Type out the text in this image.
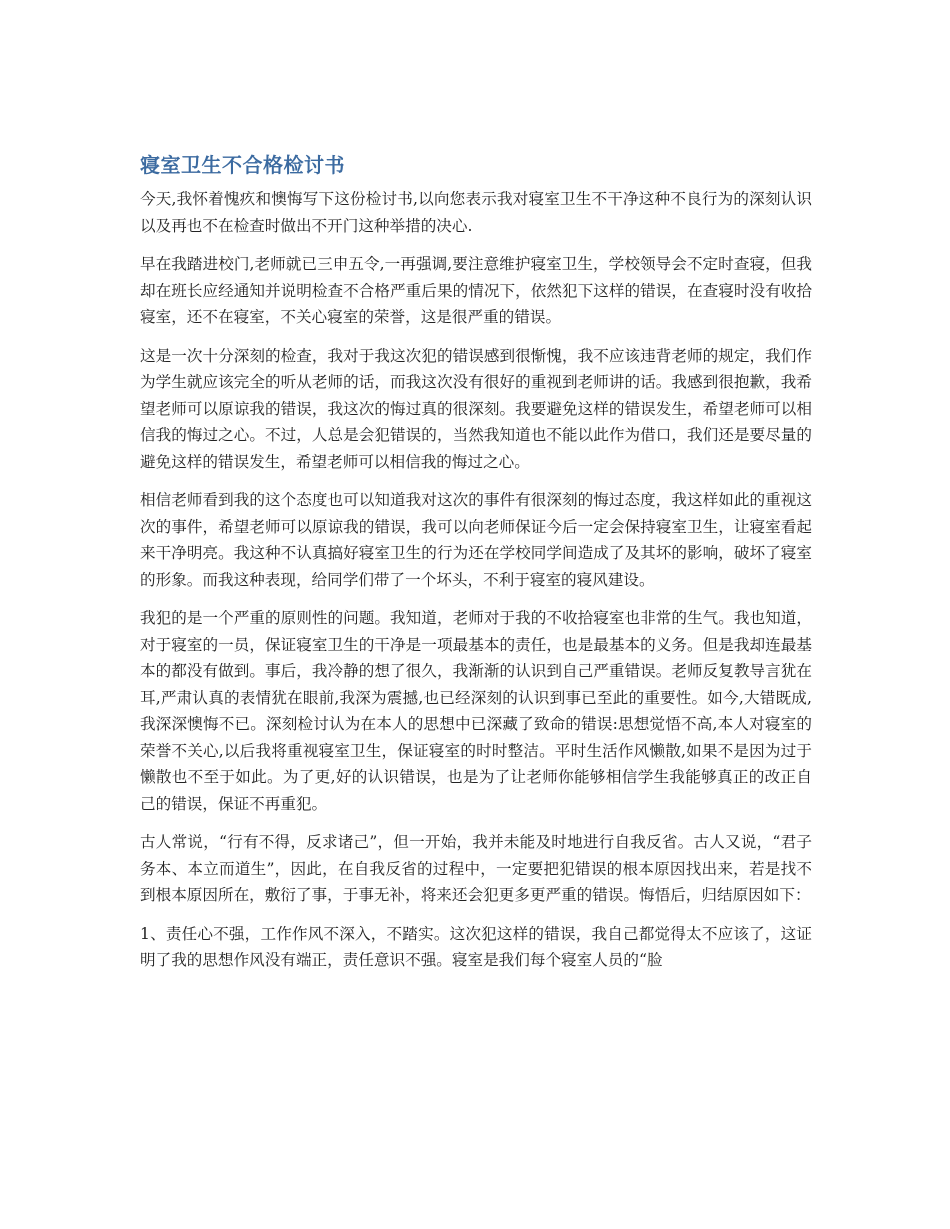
寝室卫生不合格检讨书

今天,我怀着愧疚和懊悔写下这份检讨书,以向您表示我对寝室卫生不干净这种不良行为的深刻认识以及再也不在检查时做出不开门这种举措的决心.

早在我踏进校门,老师就已三申五令,一再强调,要注意维护寝室卫生，学校领导会不定时查寝，但我却在班长应经通知并说明检查不合格严重后果的情况下，依然犯下这样的错误，在查寝时没有收拾寝室，还不在寝室，不关心寝室的荣誉，这是很严重的错误。

这是一次十分深刻的检查，我对于我这次犯的错误感到很惭愧，我不应该违背老师的规定，我们作为学生就应该完全的听从老师的话，而我这次没有很好的重视到老师讲的话。我感到很抱歉，我希望老师可以原谅我的错误，我这次的悔过真的很深刻。我要避免这样的错误发生，希望老师可以相信我的悔过之心。不过，人总是会犯错误的，当然我知道也不能以此作为借口，我们还是要尽量的避免这样的错误发生，希望老师可以相信我的悔过之心。

相信老师看到我的这个态度也可以知道我对这次的事件有很深刻的悔过态度，我这样如此的重视这次的事件，希望老师可以原谅我的错误，我可以向老师保证今后一定会保持寝室卫生，让寝室看起来干净明亮。我这种不认真搞好寝室卫生的行为还在学校同学间造成了及其坏的影响，破坏了寝室的形象。而我这种表现，给同学们带了一个坏头，不利于寝室的寝风建设。

我犯的是一个严重的原则性的问题。我知道，老师对于我的不收拾寝室也非常的生气。我也知道，对于寝室的一员，保证寝室卫生的干净是一项最基本的责任，也是最基本的义务。但是我却连最基本的都没有做到。事后，我冷静的想了很久，我渐渐的认识到自己严重错误。老师反复教导言犹在耳,严肃认真的表情犹在眼前,我深为震撼,也已经深刻的认识到事已至此的重要性。如今,大错既成,我深深懊悔不已。深刻检讨认为在本人的思想中已深藏了致命的错误:思想觉悟不高,本人对寝室的荣誉不关心,以后我将重视寝室卫生，保证寝室的时时整洁。平时生活作风懒散,如果不是因为过于懒散也不至于如此。为了更,好的认识错误，也是为了让老师你能够相信学生我能够真正的改正自己的错误，保证不再重犯。

古人常说，“行有不得，反求诸己”，但一开始，我并未能及时地进行自我反省。古人又说，“君子务本、本立而道生”，因此，在自我反省的过程中，一定要把犯错误的根本原因找出来，若是找不到根本原因所在，敷衍了事，于事无补，将来还会犯更多更严重的错误。悔悟后，归结原因如下：

1、责任心不强，工作作风不深入，不踏实。这次犯这样的错误，我自己都觉得太不应该了，这证明了我的思想作风没有端正，责任意识不强。寝室是我们每个寝室人员的“脸
